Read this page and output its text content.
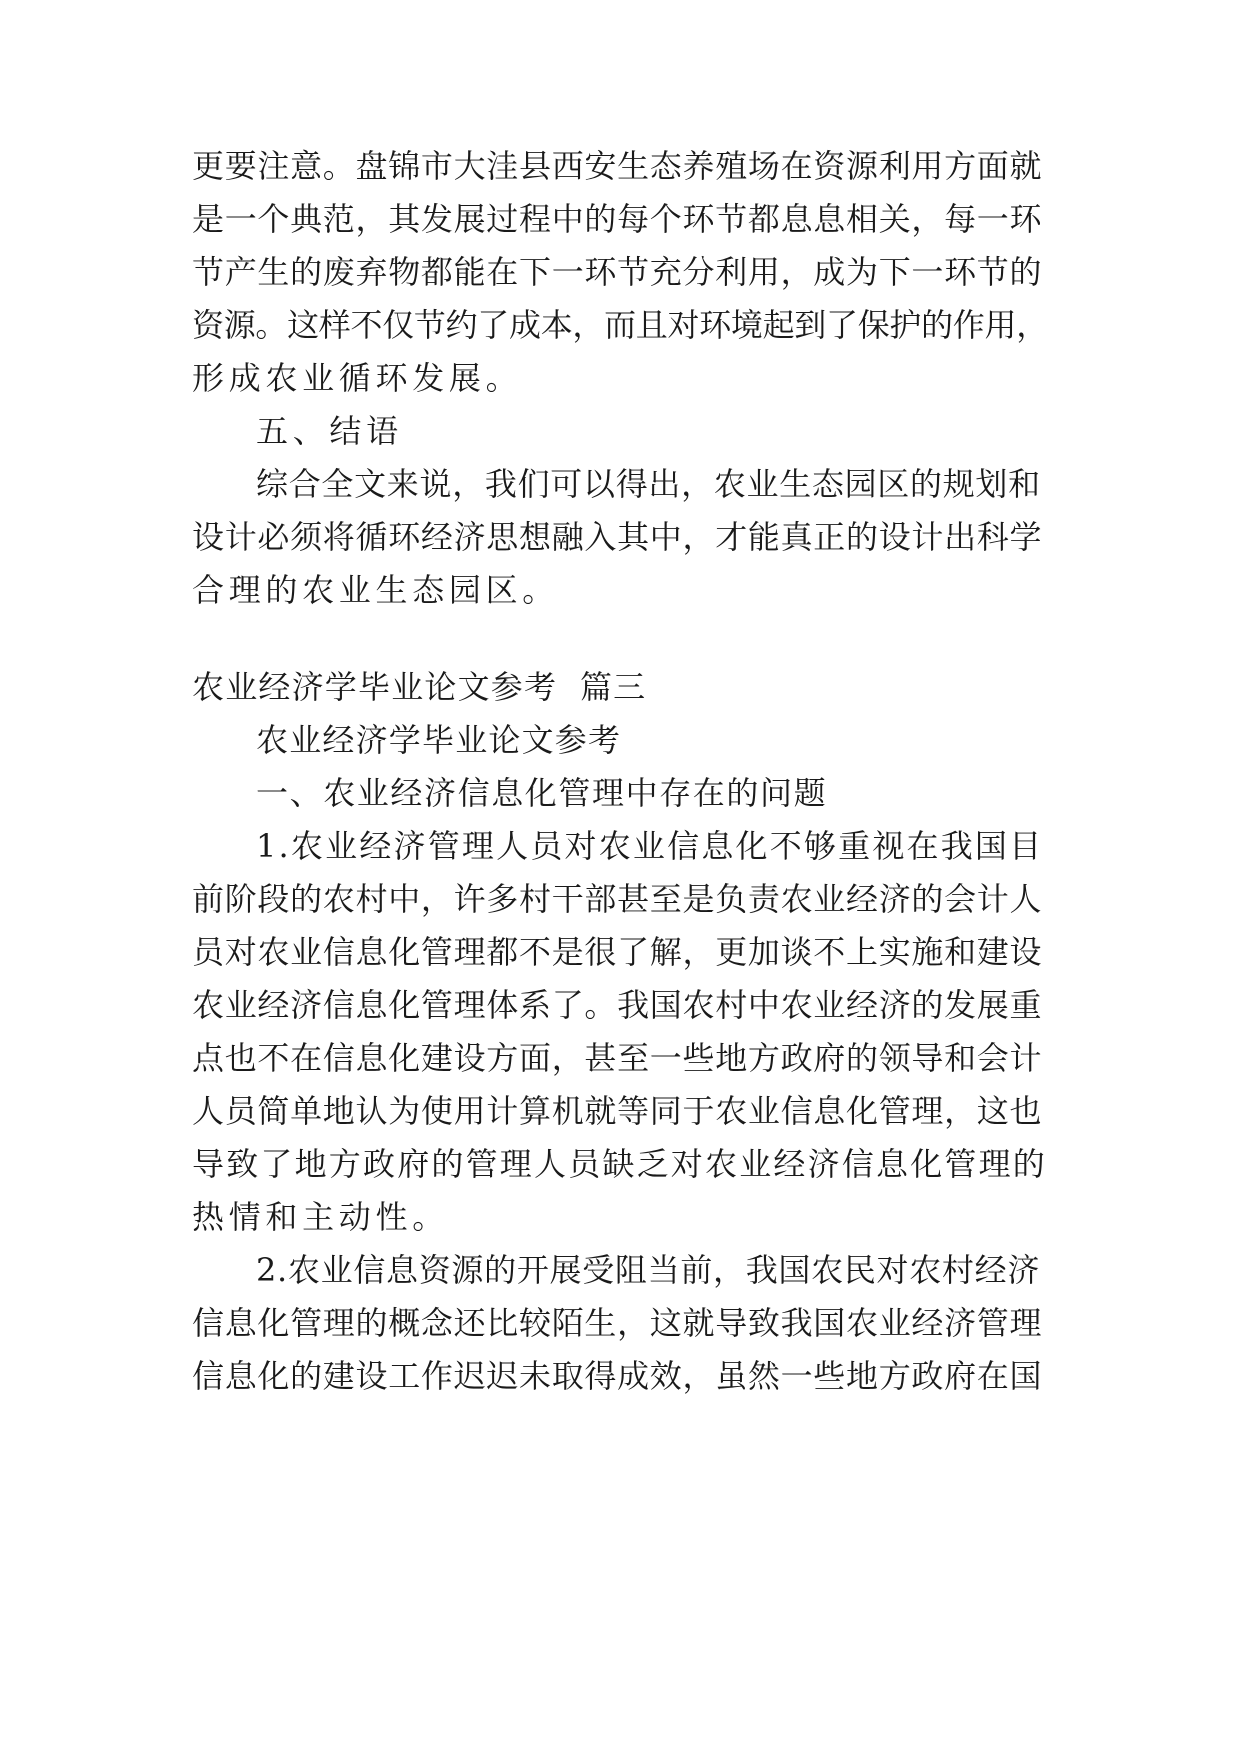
更要注意。盘锦市大洼县西安生态养殖场在资源利用方面就
是一个典范，其发展过程中的每个环节都息息相关，每一环
节产生的废弃物都能在下一环节充分利用，成为下一环节的
资源。这样不仅节约了成本，而且对环境起到了保护的作用，
形成农业循环发展。
五、结语
综合全文来说，我们可以得出，农业生态园区的规划和
设计必须将循环经济思想融入其中，才能真正的设计出科学
合理的农业生态园区。
农业经济学毕业论文参考  篇三
农业经济学毕业论文参考
一、农业经济信息化管理中存在的问题
1.农业经济管理人员对农业信息化不够重视在我国目
前阶段的农村中，许多村干部甚至是负责农业经济的会计人
员对农业信息化管理都不是很了解，更加谈不上实施和建设
农业经济信息化管理体系了。我国农村中农业经济的发展重
点也不在信息化建设方面，甚至一些地方政府的领导和会计
人员简单地认为使用计算机就等同于农业信息化管理，这也
导致了地方政府的管理人员缺乏对农业经济信息化管理的
热情和主动性。
2.农业信息资源的开展受阻当前，我国农民对农村经济
信息化管理的概念还比较陌生，这就导致我国农业经济管理
信息化的建设工作迟迟未取得成效，虽然一些地方政府在国
